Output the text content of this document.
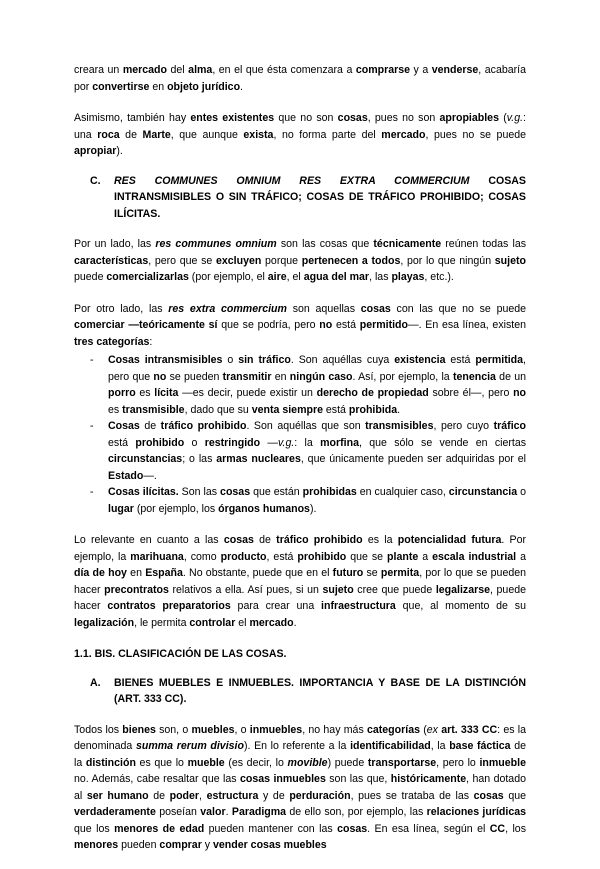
creara un mercado del alma, en el que ésta comenzara a comprarse y a venderse, acabaría por convertirse en objeto jurídico.

Asimismo, también hay entes existentes que no son cosas, pues no son apropiables (v.g.: una roca de Marte, que aunque exista, no forma parte del mercado, pues no se puede apropiar).

C.	RES COMMUNES OMNIUM RES EXTRA COMMERCIUM COSAS INTRANSMISIBLES O SIN TRÁFICO; COSAS DE TRÁFICO PROHIBIDO; COSAS ILÍCITAS.

Por un lado, las res communes omnium son las cosas que técnicamente reúnen todas las características, pero que se excluyen porque pertenecen a todos, por lo que ningún sujeto puede comercializarlas (por ejemplo, el aire, el agua del mar, las playas, etc.).

Por otro lado, las res extra commercium son aquellas cosas con las que no se puede comerciar —teóricamente sí que se podría, pero no está permitido—. En esa línea, existen tres categorías:

-	Cosas intransmisibles o sin tráfico. Son aquéllas cuya existencia está permitida, pero que no se pueden transmitir en ningún caso. Así, por ejemplo, la tenencia de un porro es lícita —es decir, puede existir un derecho de propiedad sobre él—, pero no es transmisible, dado que su venta siempre está prohibida.
-	Cosas de tráfico prohibido. Son aquéllas que son transmisibles, pero cuyo tráfico está prohibido o restringido —v.g.: la morfina, que sólo se vende en ciertas circunstancias; o las armas nucleares, que únicamente pueden ser adquiridas por el Estado—.
-	Cosas ilícitas. Son las cosas que están prohibidas en cualquier caso, circunstancia o lugar (por ejemplo, los órganos humanos).

Lo relevante en cuanto a las cosas de tráfico prohibido es la potencialidad futura. Por ejemplo, la marihuana, como producto, está prohibido que se plante a escala industrial a día de hoy en España. No obstante, puede que en el futuro se permita, por lo que se pueden hacer precontratos relativos a ella. Así pues, si un sujeto cree que puede legalizarse, puede hacer contratos preparatorios para crear una infraestructura que, al momento de su legalización, le permita controlar el mercado.

1.1. BIS. CLASIFICACIÓN DE LAS COSAS.
A.	BIENES MUEBLES E INMUEBLES. IMPORTANCIA Y BASE DE LA DISTINCIÓN (ART. 333 CC).

Todos los bienes son, o muebles, o inmuebles, no hay más categorías (ex art. 333 CC: es la denominada summa rerum divisio). En lo referente a la identificabilidad, la base fáctica de la distinción es que lo mueble (es decir, lo movible) puede transportarse, pero lo inmueble no. Además, cabe resaltar que las cosas inmuebles son las que, históricamente, han dotado al ser humano de poder, estructura y de perduración, pues se trataba de las cosas que verdaderamente poseían valor. Paradigma de ello son, por ejemplo, las relaciones jurídicas que los menores de edad pueden mantener con las cosas. En esa línea, según el CC, los menores pueden comprar y vender cosas muebles
